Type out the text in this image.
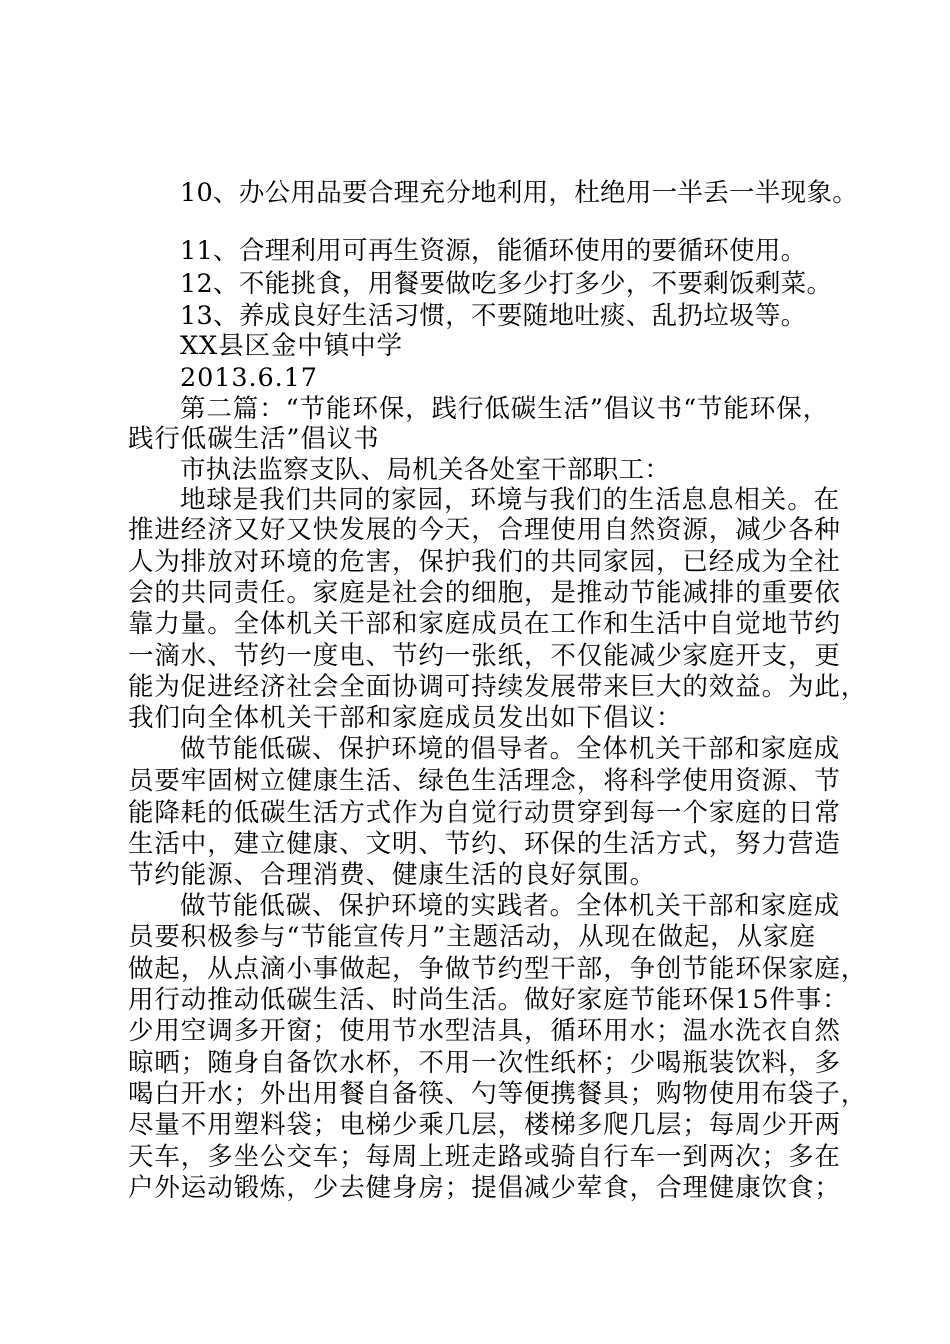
10、办公用品要合理充分地利用，杜绝用一半丢一半现象。

11、合理利用可再生资源，能循环使用的要循环使用。

12、不能挑食，用餐要做吃多少打多少，不要剩饭剩菜。

13、养成良好生活习惯，不要随地吐痰、乱扔垃圾等。

XX县区金中镇中学

2013.6.17

第二篇：“节能环保，践行低碳生活”倡议书“节能环保，

践行低碳生活”倡议书

市执法监察支队、局机关各处室干部职工：

地球是我们共同的家园，环境与我们的生活息息相关。在

推进经济又好又快发展的今天，合理使用自然资源，减少各种

人为排放对环境的危害，保护我们的共同家园，已经成为全社

会的共同责任。家庭是社会的细胞，是推动节能减排的重要依

靠力量。全体机关干部和家庭成员在工作和生活中自觉地节约

一滴水、节约一度电、节约一张纸，不仅能减少家庭开支，更

能为促进经济社会全面协调可持续发展带来巨大的效益。为此，

我们向全体机关干部和家庭成员发出如下倡议：

做节能低碳、保护环境的倡导者。全体机关干部和家庭成

员要牢固树立健康生活、绿色生活理念，将科学使用资源、节

能降耗的低碳生活方式作为自觉行动贯穿到每一个家庭的日常

生活中，建立健康、文明、节约、环保的生活方式，努力营造

节约能源、合理消费、健康生活的良好氛围。

做节能低碳、保护环境的实践者。全体机关干部和家庭成

员要积极参与“节能宣传月”主题活动，从现在做起，从家庭

做起，从点滴小事做起，争做节约型干部，争创节能环保家庭，

用行动推动低碳生活、时尚生活。做好家庭节能环保15件事：

少用空调多开窗；使用节水型洁具，循环用水；温水洗衣自然

晾晒；随身自备饮水杯，不用一次性纸杯；少喝瓶装饮料，多

喝白开水；外出用餐自备筷、勺等便携餐具；购物使用布袋子，

尽量不用塑料袋；电梯少乘几层，楼梯多爬几层；每周少开两

天车，多坐公交车；每周上班走路或骑自行车一到两次；多在

户外运动锻炼，少去健身房；提倡减少荤食，合理健康饮食；
